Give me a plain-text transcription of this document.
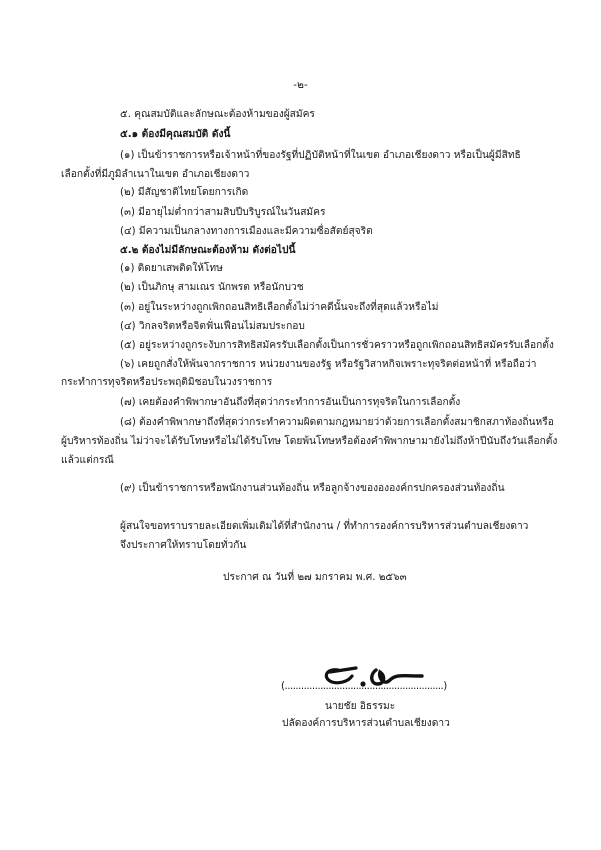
-๒-
๕. คุณสมบัติและลักษณะต้องห้ามของผู้สมัคร
๕.๑ ต้องมีคุณสมบัติ ดังนี้
(๑) เป็นข้าราชการหรือเจ้าหน้าที่ของรัฐที่ปฏิบัติหน้าที่ในเขต อำเภอเชียงดาว หรือเป็นผู้มีสิทธิ
เลือกตั้งที่มีภูมิลำเนาในเขต อำเภอเชียงดาว
(๒) มีสัญชาติไทยโดยการเกิด
(๓) มีอายุไม่ต่ำกว่าสามสิบปีบริบูรณ์ในวันสมัคร
(๔) มีความเป็นกลางทางการเมืองและมีความซื่อสัตย์สุจริต
๕.๒ ต้องไม่มีลักษณะต้องห้าม ดังต่อไปนี้
(๑) ติดยาเสพติดให้โทษ
(๒) เป็นภิกษุ สามเณร นักพรต หรือนักบวช
(๓) อยู่ในระหว่างถูกเพิกถอนสิทธิเลือกตั้งไม่ว่าคดีนั้นจะถึงที่สุดแล้วหรือไม่
(๔) วิกลจริตหรือจิตฟั่นเฟือนไม่สมประกอบ
(๕) อยู่ระหว่างถูกระงับการสิทธิสมัครรับเลือกตั้งเป็นการชั่วคราวหรือถูกเพิกถอนสิทธิสมัครรับเลือกตั้ง
(๖) เคยถูกสั่งให้พ้นจากราชการ หน่วยงานของรัฐ หรือรัฐวิสาหกิจเพราะทุจริตต่อหน้าที่ หรือถือว่า
กระทำการทุจริตหรือประพฤติมิชอบในวงราชการ
(๗) เคยต้องคำพิพากษาอันถึงที่สุดว่ากระทำการอันเป็นการทุจริตในการเลือกตั้ง
(๘) ต้องคำพิพากษาถึงที่สุดว่ากระทำความผิดตามกฎหมายว่าด้วยการเลือกตั้งสมาชิกสภาท้องถิ่นหรือ
ผู้บริหารท้องถิ่น ไม่ว่าจะได้รับโทษหรือไม่ได้รับโทษ โดยพ้นโทษหรือต้องคำพิพากษามายังไม่ถึงห้าปีนับถึงวันเลือกตั้ง
แล้วแต่กรณี
(๙) เป็นข้าราชการหรือพนักงานส่วนท้องถิ่น หรือลูกจ้างของององค์กรปกครองส่วนท้องถิ่น
ผู้สนใจขอทราบรายละเอียดเพิ่มเติมได้ที่สำนักงาน / ที่ทำการองค์การบริหารส่วนตำบลเชียงดาว
จึงประกาศให้ทราบโดยทั่วกัน
ประกาศ ณ วันที่ ๒๗ มกราคม พ.ศ. ๒๕๖๓
(..........................................................)
นายชัย อิธรรมะ
ปลัดองค์การบริหารส่วนตำบลเชียงดาว
